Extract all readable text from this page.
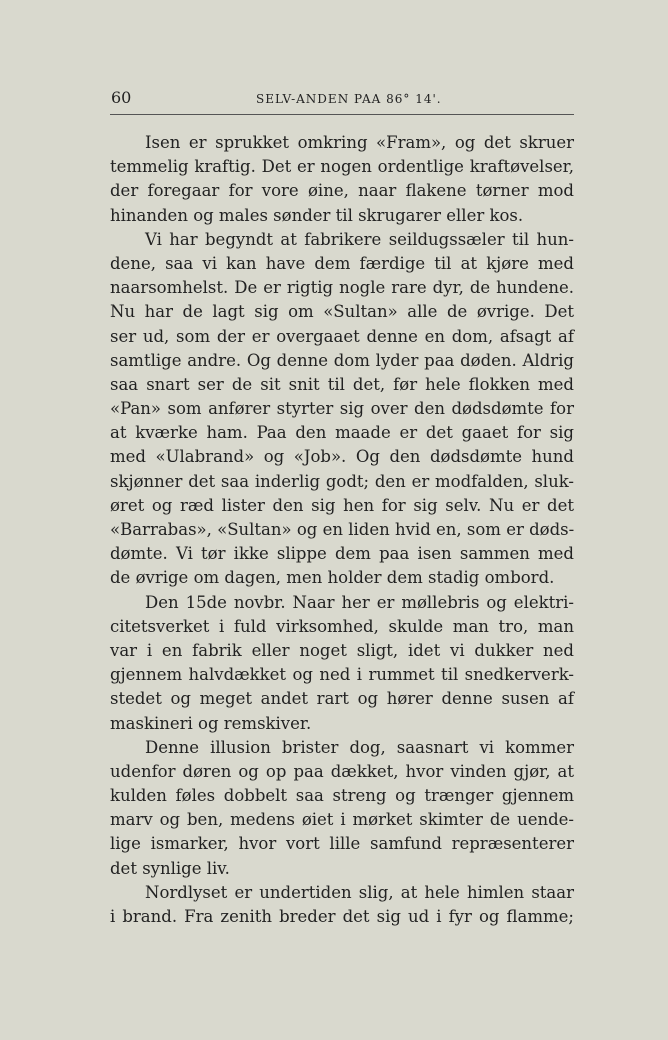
60	SELV-ANDEN PAA 86° 14'.
Isen er sprukket omkring «Fram», og det skruer
temmelig kraftig. Det er nogen ordentlige kraftøvelser,
der foregaar for vore øine, naar flakene tørner mod
hinanden og males sønder til skrugarer eller kos.
Vi har begyndt at fabrikere seildugssæler til hun-
dene, saa vi kan have dem færdige til at kjøre med
naarsomhelst. De er rigtig nogle rare dyr, de hundene.
Nu har de lagt sig om «Sultan» alle de øvrige. Det
ser ud, som der er overgaaet denne en dom, afsagt af
samtlige andre. Og denne dom lyder paa døden. Aldrig
saa snart ser de sit snit til det, før hele flokken med
«Pan» som anfører styrter sig over den dødsdømte for
at kværke ham. Paa den maade er det gaaet for sig
med «Ulabrand» og «Job». Og den dødsdømte hund
skjønner det saa inderlig godt; den er modfalden, sluk-
øret og ræd lister den sig hen for sig selv. Nu er det
«Barrabas», «Sultan» og en liden hvid en, som er døds-
dømte. Vi tør ikke slippe dem paa isen sammen med
de øvrige om dagen, men holder dem stadig ombord.
Den 15de novbr. Naar her er møllebris og elektri-
citetsverket i fuld virksomhed, skulde man tro, man
var i en fabrik eller noget sligt, idet vi dukker ned
gjennem halvdækket og ned i rummet til snedkerverk-
stedet og meget andet rart og hører denne susen af
maskineri og remskiver.
Denne illusion brister dog, saasnart vi kommer
udenfor døren og op paa dækket, hvor vinden gjør, at
kulden føles dobbelt saa streng og trænger gjennem
marv og ben, medens øiet i mørket skimter de uende-
lige ismarker, hvor vort lille samfund repræsenterer
det synlige liv.
Nordlyset er undertiden slig, at hele himlen staar
i brand. Fra zenith breder det sig ud i fyr og flamme;
